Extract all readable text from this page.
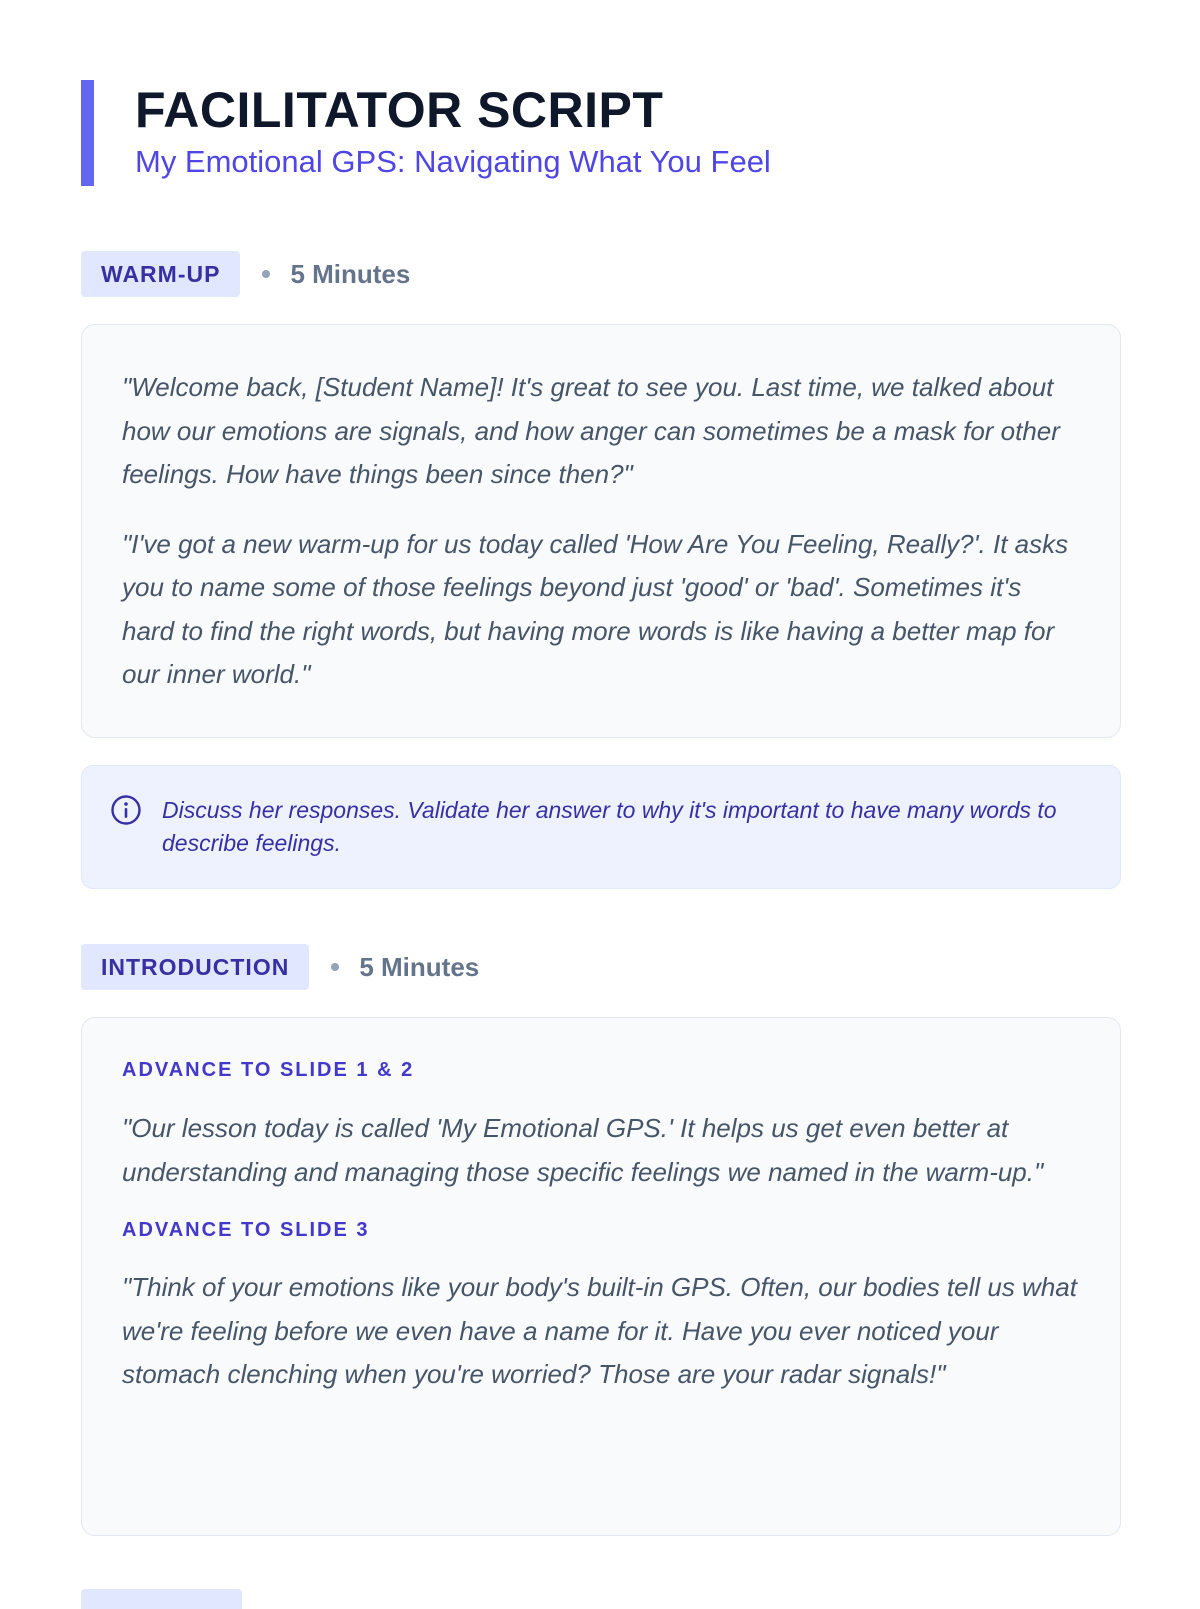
FACILITATOR SCRIPT
My Emotional GPS: Navigating What You Feel
WARM-UP	5 Minutes

"Welcome back, [Student Name]! It's great to see you. Last time, we talked about how our emotions are signals, and how anger can sometimes be a mask for other feelings. How have things been since then?"

"I've got a new warm-up for us today called 'How Are You Feeling, Really?'. It asks you to name some of those feelings beyond just 'good' or 'bad'. Sometimes it's hard to find the right words, but having more words is like having a better map for our inner world."

Discuss her responses. Validate her answer to why it's important to have many words to describe feelings.
INTRODUCTION	5 Minutes
ADVANCE TO SLIDE 1 & 2

"Our lesson today is called 'My Emotional GPS.' It helps us get even better at understanding and managing those specific feelings we named in the warm-up."

ADVANCE TO SLIDE 3

"Think of your emotions like your body's built-in GPS. Often, our bodies tell us what we're feeling before we even have a name for it. Have you ever noticed your stomach clenching when you're worried? Those are your radar signals!"
